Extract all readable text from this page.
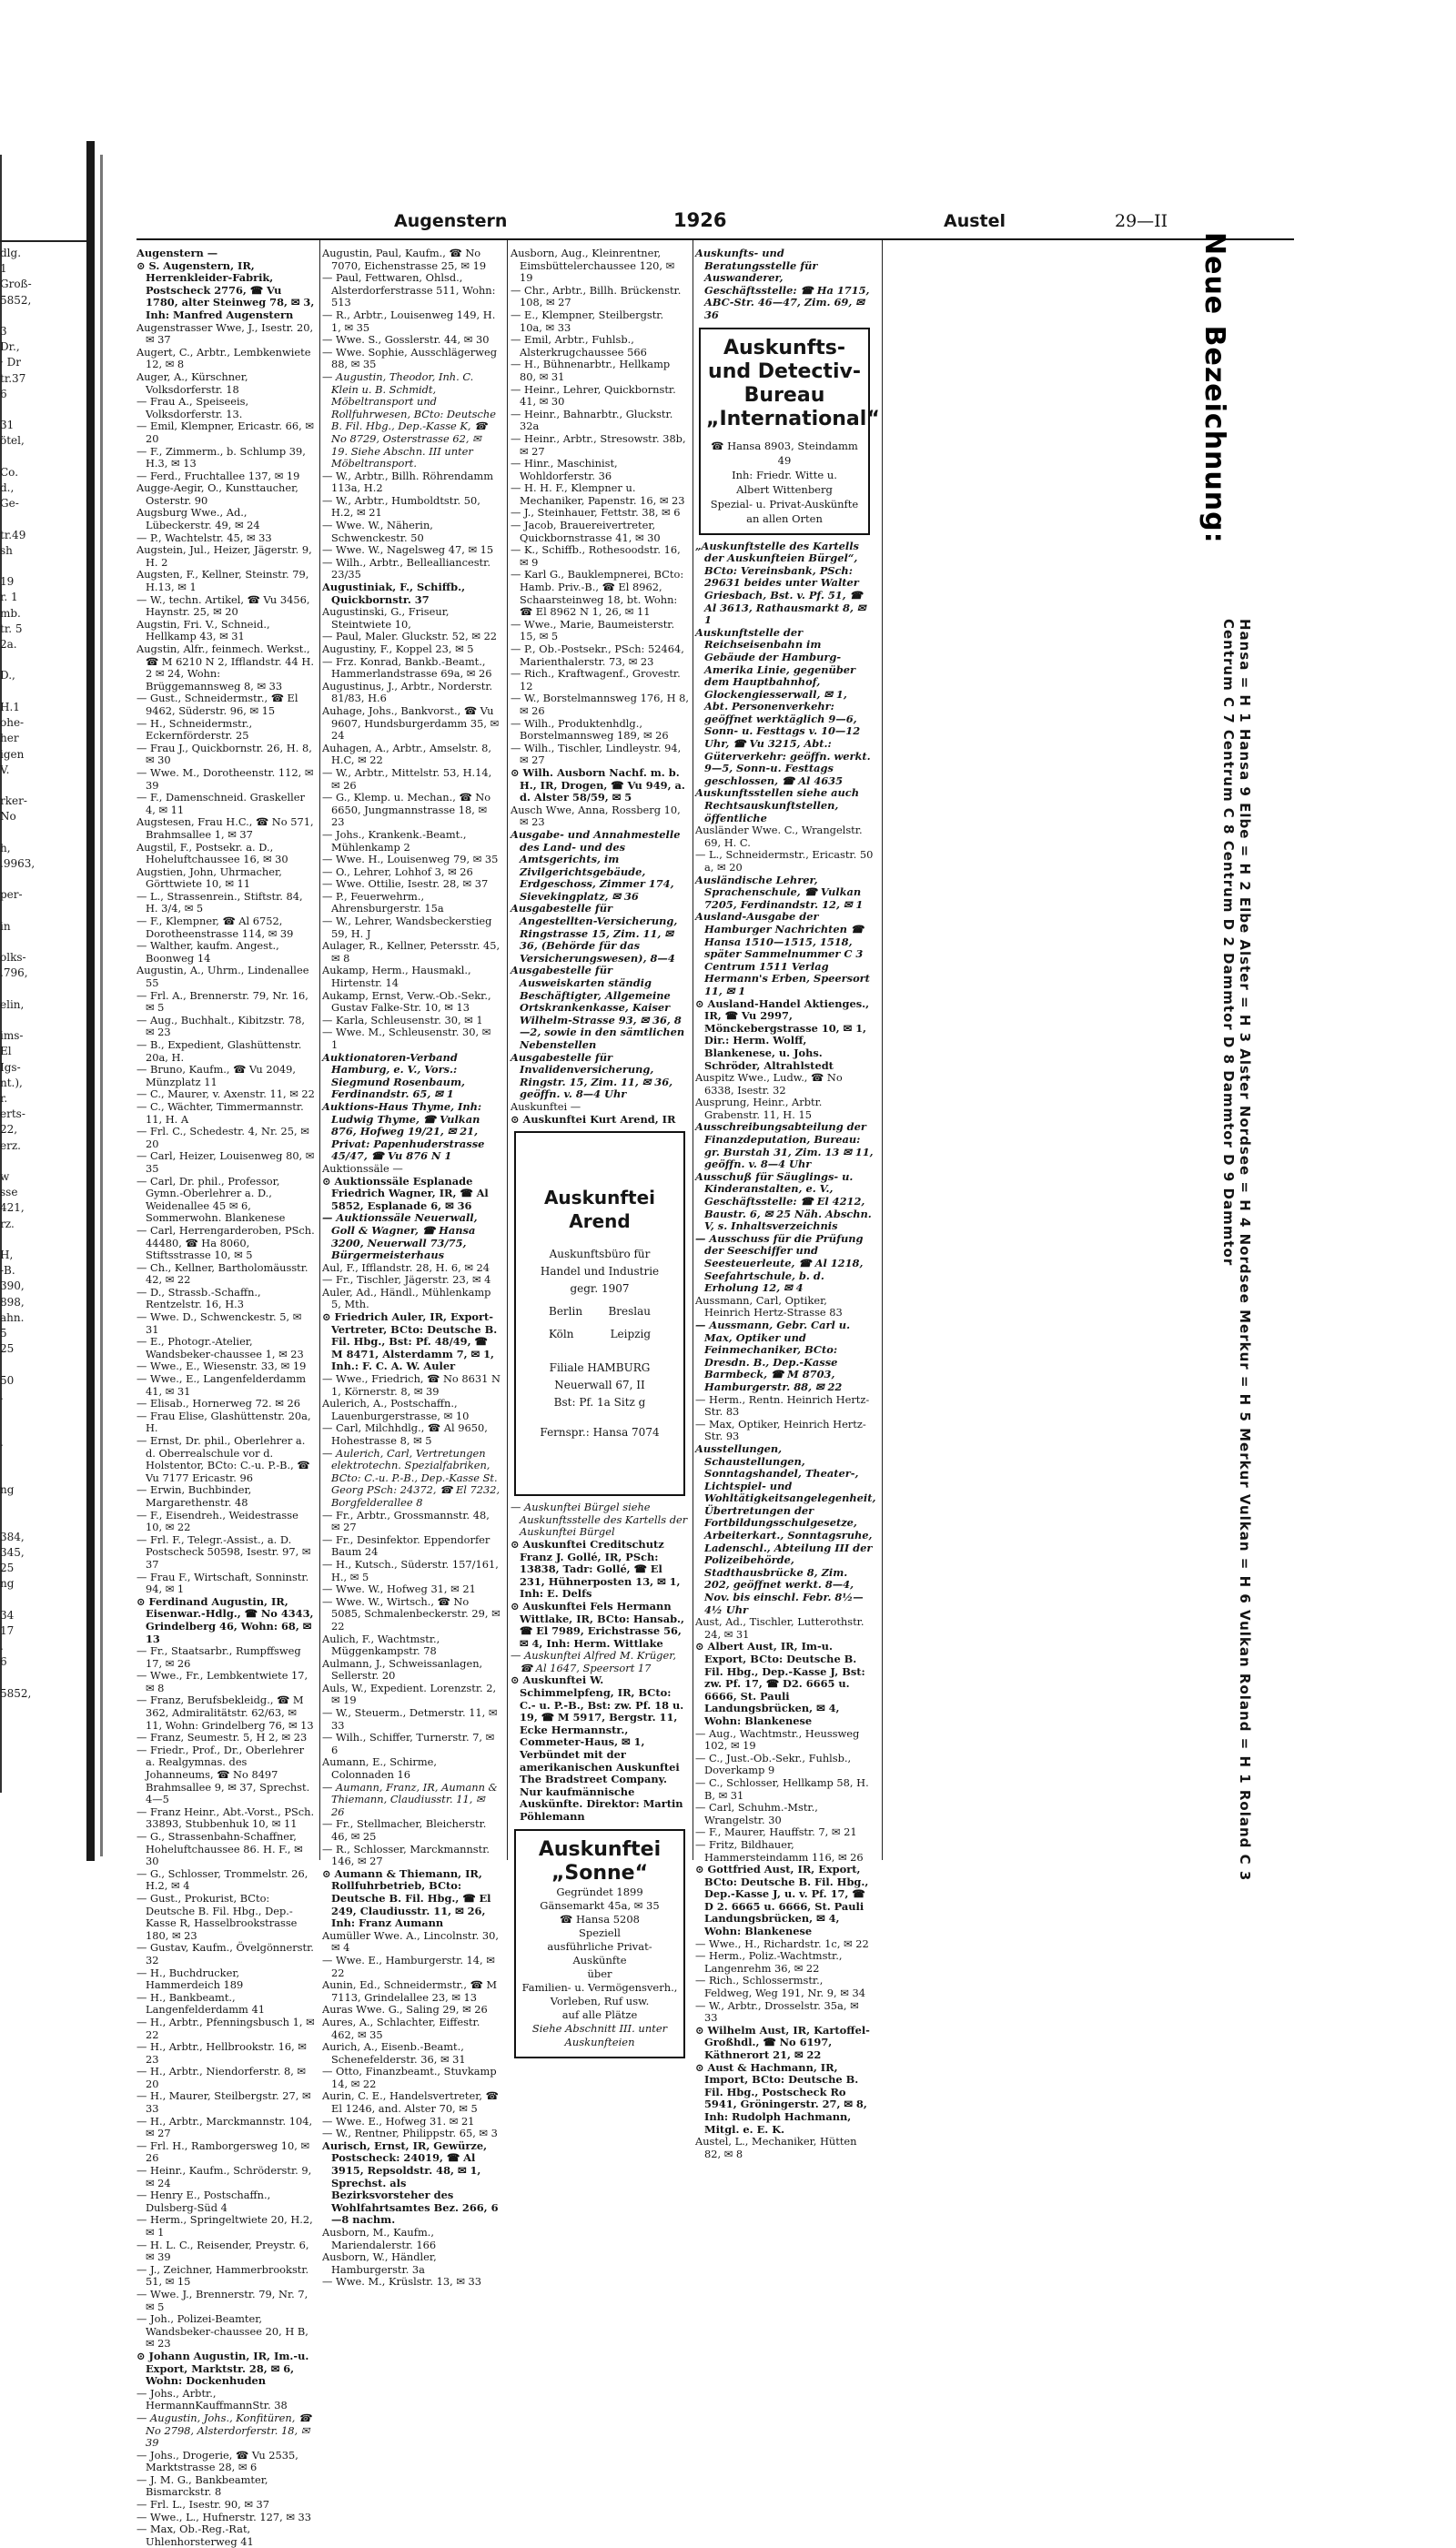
dlg.
1
Groß-
5852,

3
Dr.,
· Dr
tr.37
6

31
ötel,

Co.
d.,
Ge-

tr.49
sh

19
r. 1
mb.
tr. 5
2a.

D.,

H.1
ohe-
her
igen
V.

rker-
No

h,
.9963,

per-

in

olks-
.796,

elin,

ims-
El
Igs-
nt.),
r.
erts-
22,
erz.

w
sse
421,
rz.

H,
-B.
390,
898,
ahn.
5
25

50
.

.

ng

384,
345,
25
ng

34
17
.
6

5852,
Augenstern	1926	Austel	29—II

Augenstern —

⊙ S. Augenstern, IR, Herrenkleider-Fabrik, Postscheck 2776, ☎ Vu 1780, alter Steinweg 78, ✉ 3, Inh: Manfred Augenstern

Augenstrasser Wwe, J., Isestr. 20, ✉ 37

Augert, C., Arbtr., Lembkenwiete 12, ✉ 8

Auger, A., Kürschner, Volksdorferstr. 18

— Frau A., Speiseeis, Volksdorferstr. 13.

— Emil, Klempner, Ericastr. 66, ✉ 20

— F., Zimmerm., b. Schlump 39, H.3, ✉ 13

— Ferd., Fruchtallee 137, ✉ 19

Augge-Aegir, O., Kunsttaucher, Osterstr. 90

Augsburg Wwe., Ad., Lübeckerstr. 49, ✉ 24

— P., Wachtelstr. 45, ✉ 33

Augstein, Jul., Heizer, Jägerstr. 9, H. 2

Augsten, F., Kellner, Steinstr. 79, H.13, ✉ 1

— W., techn. Artikel, ☎ Vu 3456, Haynstr. 25, ✉ 20

Augstin, Fri. V., Schneid., Hellkamp 43, ✉ 31

Augstin, Alfr., feinmech. Werkst., ☎ M 6210 N 2, Ifflandstr. 44 H. 2 ✉ 24, Wohn: Brüggemannsweg 8, ✉ 33

— Gust., Schneidermstr., ☎ El 9462, Süderstr. 96, ✉ 15

— H., Schneidermstr., Eckernförderstr. 25

— Frau J., Quickbornstr. 26, H. 8, ✉ 30

— Wwe. M., Dorotheenstr. 112, ✉ 39

— F., Damenschneid. Graskeller 4, ✉ 11

Augstesen, Frau H.C., ☎ No 571, Brahmsallee 1, ✉ 37

Augstil, F., Postsekr. a. D., Hoheluftchaussee 16, ✉ 30

Augstien, John, Uhrmacher, Görttwiete 10, ✉ 11

— L., Strassenrein., Stiftstr. 84, H. 3/4, ✉ 5

— F., Klempner, ☎ Al 6752, Dorotheenstrasse 114, ✉ 39

— Walther, kaufm. Angest., Boonweg 14

Augustin, A., Uhrm., Lindenallee 55

— Frl. A., Brennerstr. 79, Nr. 16, ✉ 5

— Aug., Buchhalt., Kibitzstr. 78, ✉ 23

— B., Expedient, Glashüttenstr. 20a, H.

— Bruno, Kaufm., ☎ Vu 2049, Münzplatz 11

— C., Maurer, v. Axenstr. 11, ✉ 22

— C., Wächter, Timmermannstr. 11, H. A

— Frl. C., Schedestr. 4, Nr. 25, ✉ 20

— Carl, Heizer, Louisenweg 80, ✉ 35

— Carl, Dr. phil., Professor, Gymn.-Oberlehrer a. D., Weidenallee 45 ✉ 6, Sommerwohn. Blankenese

— Carl, Herrengarderoben, PSch. 44480, ☎ Ha 8060, Stiftsstrasse 10, ✉ 5

— Ch., Kellner, Bartholomäusstr. 42, ✉ 22

— D., Strassb.-Schaffn., Rentzelstr. 16, H.3

— Wwe. D., Schwenckestr. 5, ✉ 31

— E., Photogr.-Atelier, Wandsbeker-chaussee 1, ✉ 23

— Wwe., E., Wiesenstr. 33, ✉ 19

— Wwe., E., Langenfelderdamm 41, ✉ 31

— Elisab., Hornerweg 72. ✉ 26

— Frau Elise, Glashüttenstr. 20a, H.

— Ernst, Dr. phil., Oberlehrer a. d. Oberrealschule vor d. Holstentor, BCto: C.-u. P.-B., ☎ Vu 7177 Ericastr. 96

— Erwin, Buchbinder, Margarethenstr. 48

— F., Eisendreh., Weidestrasse 10, ✉ 22

— Frl. F., Telegr.-Assist., a. D. Postscheck 50598, Isestr. 97, ✉ 37

— Frau F., Wirtschaft, Sonninstr. 94, ✉ 1

⊙ Ferdinand Augustin, IR, Eisenwar.-Hdlg., ☎ No 4343, Grindelberg 46, Wohn: 68, ✉ 13

— Fr., Staatsarbr., Rumpffsweg 17, ✉ 26

— Wwe., Fr., Lembkentwiete 17, ✉ 8

— Franz, Berufsbekleidg., ☎ M 362, Admiralitätstr. 62/63, ✉ 11, Wohn: Grindelberg 76, ✉ 13

— Franz, Seumestr. 5, H 2, ✉ 23

— Friedr., Prof., Dr., Oberlehrer a. Realgymnas. des Johanneums, ☎ No 8497 Brahmsallee 9, ✉ 37, Sprechst. 4—5

— Franz Heinr., Abt.-Vorst., PSch. 33893, Stubbenhuk 10, ✉ 11

— G., Strassenbahn-Schaffner, Hoheluftchaussee 86. H. F., ✉ 30

— G., Schlosser, Trommelstr. 26, H.2, ✉ 4

— Gust., Prokurist, BCto: Deutsche B. Fil. Hbg., Dep.-Kasse R, Hasselbrookstrasse 180, ✉ 23

— Gustav, Kaufm., Övelgönnerstr. 32

— H., Buchdrucker, Hammerdeich 189

— H., Bankbeamt., Langenfelderdamm 41

— H., Arbtr., Pfenningsbusch 1, ✉ 22

— H., Arbtr., Hellbrookstr. 16, ✉ 23

— H., Arbtr., Niendorferstr. 8, ✉ 20

— H., Maurer, Steilbergstr. 27, ✉ 33

— H., Arbtr., Marckmannstr. 104, ✉ 27

— Frl. H., Ramborgersweg 10, ✉ 26

— Heinr., Kaufm., Schröderstr. 9, ✉ 24

— Henry E., Postschaffn., Dulsberg-Süd 4

— Herm., Springeltwiete 20, H.2, ✉ 1

— H. L. C., Reisender, Preystr. 6, ✉ 39

— J., Zeichner, Hammerbrookstr. 51, ✉ 15

— Wwe. J., Brennerstr. 79, Nr. 7, ✉ 5

— Joh., Polizei-Beamter, Wandsbeker-chaussee 20, H B, ✉ 23

⊙ Johann Augustin, IR, Im.-u. Export, Marktstr. 28, ✉ 6, Wohn: Dockenhuden

— Johs., Arbtr., HermannKauffmannStr. 38

— Augustin, Johs., Konfitüren, ☎ No 2798, Alsterdorferstr. 18, ✉ 39

— Johs., Drogerie, ☎ Vu 2535, Marktstrasse 28, ✉ 6

— J. M. G., Bankbeamter, Bismarckstr. 8

— Frl. L., Isestr. 90, ✉ 37

— Wwe., L., Hufnerstr. 127, ✉ 33

— Max, Ob.-Reg.-Rat, Uhlenhorsterweg 41

Augustin, Paul, Kaufm., ☎ No 7070, Eichenstrasse 25, ✉ 19

— Paul, Fettwaren, Ohlsd., Alsterdorferstrasse 511, Wohn: 513

— R., Arbtr., Louisenweg 149, H. 1, ✉ 35

— Wwe. S., Gosslerstr. 44, ✉ 30

— Wwe. Sophie, Ausschlägerweg 88, ✉ 35

— Augustin, Theodor, Inh. C. Klein u. B. Schmidt, Möbeltransport und Rollfuhrwesen, BCto: Deutsche B. Fil. Hbg., Dep.-Kasse K, ☎ No 8729, Osterstrasse 62, ✉ 19. Siehe Abschn. III unter Möbeltransport.

— W., Arbtr., Billh. Röhrendamm 113a, H.2

— W., Arbtr., Humboldtstr. 50, H.2, ✉ 21

— Wwe. W., Näherin, Schwenckestr. 50

— Wwe. W., Nagelsweg 47, ✉ 15

— Wilh., Arbtr., Bellealliancestr. 23/35

Augustiniak, F., Schiffb., Quickbornstr. 37

Augustinski, G., Friseur, Steintwiete 10,

— Paul, Maler. Gluckstr. 52, ✉ 22

Augustiny, F., Koppel 23, ✉ 5

— Frz. Konrad, Bankb.-Beamt., Hammerlandstrasse 69a, ✉ 26

Augustinus, J., Arbtr., Norderstr. 81/83, H.6

Auhage, Johs., Bankvorst., ☎ Vu 9607, Hundsburgerdamm 35, ✉ 24

Auhagen, A., Arbtr., Amselstr. 8, H.C, ✉ 22

— W., Arbtr., Mittelstr. 53, H.14, ✉ 26

— G., Klemp. u. Mechan., ☎ No 6650, Jungmannstrasse 18, ✉ 23

— Johs., Krankenk.-Beamt., Mühlenkamp 2

— Wwe. H., Louisenweg 79, ✉ 35

— O., Lehrer, Lohhof 3, ✉ 26

— Wwe. Ottilie, Isestr. 28, ✉ 37

— P., Feuerwehrm., Ahrensburgerstr. 15a

— W., Lehrer, Wandsbeckerstieg 59, H. J

Aulager, R., Kellner, Petersstr. 45, ✉ 8

Aukamp, Herm., Hausmakl., Hirtenstr. 14

Aukamp, Ernst, Verw.-Ob.-Sekr., Gustav Falke-Str. 10, ✉ 13

— Karla, Schleusenstr. 30, ✉ 1

— Wwe. M., Schleusenstr. 30, ✉ 1

Auktionatoren-Verband Hamburg, e. V., Vors.: Siegmund Rosenbaum, Ferdinandstr. 65, ✉ 1

Auktions-Haus Thyme, Inh: Ludwig Thyme, ☎ Vulkan 876, Hofweg 19/21, ✉ 21, Privat: Papenhuderstrasse 45/47, ☎ Vu 876 N 1

Auktionssäle —

⊙ Auktionssäle Esplanade Friedrich Wagner, IR, ☎ Al 5852, Esplanade 6, ✉ 36

— Auktionssäle Neuerwall, Goll & Wagner, ☎ Hansa 3200, Neuerwall 73/75, Bürgermeisterhaus

Aul, F., Ifflandstr. 28, H. 6, ✉ 24

— Fr., Tischler, Jägerstr. 23, ✉ 4

Auler, Ad., Händl., Mühlenkamp 5, Mth.

⊙ Friedrich Auler, IR, Export-Vertreter, BCto: Deutsche B. Fil. Hbg., Bst: Pf. 48/49, ☎ M 8471, Alsterdamm 7, ✉ 1, Inh.: F. C. A. W. Auler

— Wwe., Friedrich, ☎ No 8631 N 1, Körnerstr. 8, ✉ 39

Aulerich, A., Postschaffn., Lauenburgerstrasse, ✉ 10

— Carl, Milchhdlg., ☎ Al 9650, Hohestrasse 8, ✉ 5

— Aulerich, Carl, Vertretungen elektrotechn. Spezialfabriken, BCto: C.-u. P.-B., Dep.-Kasse St. Georg PSch: 24372, ☎ El 7232, Borgfelderallee 8

— Fr., Arbtr., Grossmannstr. 48, ✉ 27

— Fr., Desinfektor. Eppendorfer Baum 24

— H., Kutsch., Süderstr. 157/161, H., ✉ 5

— Wwe. W., Hofweg 31, ✉ 21

— Wwe. W., Wirtsch., ☎ No 5085, Schmalenbeckerstr. 29, ✉ 22

Aulich, F., Wachtmstr., Müggenkampstr. 78

Aulmann, J., Schweissanlagen, Sellerstr. 20

Auls, W., Expedient. Lorenzstr. 2, ✉ 19

— W., Steuerm., Detmerstr. 11, ✉ 33

— Wilh., Schiffer, Turnerstr. 7, ✉ 6

Aumann, E., Schirme, Colonnaden 16

— Aumann, Franz, IR, Aumann & Thiemann, Claudiusstr. 11, ✉ 26

— Fr., Stellmacher, Bleicherstr. 46, ✉ 25

— R., Schlosser, Marckmannstr. 146, ✉ 27

⊙ Aumann & Thiemann, IR, Rollfuhrbetrieb, BCto: Deutsche B. Fil. Hbg., ☎ El 249, Claudiusstr. 11, ✉ 26, Inh: Franz Aumann

Aumüller Wwe. A., Lincolnstr. 30, ✉ 4

— Wwe. E., Hamburgerstr. 14, ✉ 22

Aunin, Ed., Schneidermstr., ☎ M 7113, Grindelallee 23, ✉ 13

Auras Wwe. G., Saling 29, ✉ 26

Aures, A., Schlachter, Eiffestr. 462, ✉ 35

Aurich, A., Eisenb.-Beamt., Schenefelderstr. 36, ✉ 31

— Otto, Finanzbeamt., Stuvkamp 14, ✉ 22

Aurin, C. E., Handelsvertreter, ☎ El 1246, and. Alster 70, ✉ 5

— Wwe. E., Hofweg 31. ✉ 21

— W., Rentner, Philippstr. 65, ✉ 3

Aurisch, Ernst, IR, Gewürze, Postscheck: 24019, ☎ Al 3915, Repsoldstr. 48, ✉ 1, Sprechst. als Bezirksvorsteher des Wohlfahrtsamtes Bez. 266, 6—8 nachm.

Ausborn, M., Kaufm., Mariendalerstr. 166

Ausborn, W., Händler, Hamburgerstr. 3a

— Wwe. M., Krüslstr. 13, ✉ 33

Ausborn, Aug., Kleinrentner, Eimsbüttelerchaussee 120, ✉ 19

— Chr., Arbtr., Billh. Brückenstr. 108, ✉ 27

— E., Klempner, Steilbergstr. 10a, ✉ 33

— Emil, Arbtr., Fuhlsb., Alsterkrugchaussee 566

— H., Bühnenarbtr., Hellkamp 80, ✉ 31

— Heinr., Lehrer, Quickbornstr. 41, ✉ 30

— Heinr., Bahnarbtr., Gluckstr. 32a

— Heinr., Arbtr., Stresowstr. 38b, ✉ 27

— Hinr., Maschinist, Wohldorferstr. 36

— H. H. F., Klempner u. Mechaniker, Papenstr. 16, ✉ 23

— J., Steinhauer, Fettstr. 38, ✉ 6

— Jacob, Brauereivertreter, Quickbornstrasse 41, ✉ 30

— K., Schiffb., Rothesoodstr. 16, ✉ 9

— Karl G., Bauklempnerei, BCto: Hamb. Priv.-B., ☎ El 8962, Schaarsteinweg 18, bt. Wohn: ☎ El 8962 N 1, 26, ✉ 11

— Wwe., Marie, Baumeisterstr. 15, ✉ 5

— P., Ob.-Postsekr., PSch: 52464, Marienthalerstr. 73, ✉ 23

— Rich., Kraftwagenf., Grovestr. 12

— W., Borstelmannsweg 176, H 8, ✉ 26

— Wilh., Produktenhdlg., Borstelmannsweg 189, ✉ 26

— Wilh., Tischler, Lindleystr. 94, ✉ 27

⊙ Wilh. Ausborn Nachf. m. b. H., IR, Drogen, ☎ Vu 949, a. d. Alster 58/59, ✉ 5

Ausch Wwe, Anna, Rossberg 10, ✉ 23

Ausgabe- und Annahmestelle des Land- und des Amtsgerichts, im Zivilgerichtsgebäude, Erdgeschoss, Zimmer 174, Sievekingplatz, ✉ 36

Ausgabestelle für Angestellten-Versicherung, Ringstrasse 15, Zim. 11, ✉ 36, (Behörde für das Versicherungswesen), 8—4

Ausgabestelle für Ausweiskarten ständig Beschäftigter, Allgemeine Ortskrankenkasse, Kaiser Wilhelm-Strasse 93, ✉ 36, 8—2, sowie in den sämtlichen Nebenstellen

Ausgabestelle für Invalidenversicherung, Ringstr. 15, Zim. 11, ✉ 36, geöffn. v. 8—4 Uhr

Auskunftei —

⊙ Auskunftei Kurt Arend, IR

Auskunftei Arend
Auskunftsbüro für
Handel und Industrie
gegr. 1907
Berlin Breslau
Köln	Leipzig
Filiale HAMBURG
Neuerwall 67, II
Bst: Pf. 1a Sitz g
Fernspr.: Hansa 7074

— Auskunftei Bürgel siehe Auskunftsstelle des Kartells der Auskunftei Bürgel

⊙ Auskunftei Creditschutz Franz J. Gollé, IR, PSch: 13838, Tadr: Gollé, ☎ El 231, Hühnerposten 13, ✉ 1, Inh: E. Delfs

⊙ Auskunftei Fels Hermann Wittlake, IR, BCto: Hansab., ☎ El 7989, Erichstrasse 56, ✉ 4, Inh: Herm. Wittlake

— Auskunftei Alfred M. Krüger, ☎ Al 1647, Speersort 17

⊙ Auskunftei W. Schimmelpfeng, IR, BCto: C.- u. P.-B., Bst: zw. Pf. 18 u. 19, ☎ M 5917, Bergstr. 11, Ecke Hermannstr., Commeter-Haus, ✉ 1, Verbündet mit der amerikanischen Auskunftei The Bradstreet Company. Nur kaufmännische Auskünfte. Direktor: Martin Pöhlemann

Auskunftei „Sonne“
Gegründet 1899
Gänsemarkt 45a, ✉ 35
☎ Hansa 5208
Speziell
ausführliche Privat-Auskünfte
über
Familien- u. Vermögensverh.,
Vorleben, Ruf usw.
auf alle Plätze
Siehe Abschnitt III. unter
Auskunfteien

Auskunfts- und Beratungsstelle für Auswanderer, Geschäftsstelle: ☎ Ha 1715, ABC-Str. 46—47, Zim. 69, ✉ 36

Auskunfts- und Detectiv-Bureau „International“
☎ Hansa 8903, Steindamm 49
Inh: Friedr. Witte u.
Albert Wittenberg
Spezial- u. Privat-Auskünfte
an allen Orten

„Auskunftstelle des Kartells der Auskunfteien Bürgel“, BCto: Vereinsbank, PSch: 29631 beides unter Walter Griesbach, Bst. v. Pf. 51, ☎ Al 3613, Rathausmarkt 8, ✉ 1

Auskunftstelle der Reichseisenbahn im Gebäude der Hamburg-Amerika Linie, gegenüber dem Hauptbahnhof, Glockengiesserwall, ✉ 1, Abt. Personenverkehr: geöffnet werktäglich 9—6, Sonn- u. Festtags v. 10—12 Uhr, ☎ Vu 3215, Abt.: Güterverkehr: geöffn. werkt. 9—5, Sonn-u. Festtags geschlossen, ☎ Al 4635

Auskunftsstellen siehe auch Rechtsauskunftstellen, öffentliche

Ausländer Wwe. C., Wrangelstr. 69, H. C.

— L., Schneidermstr., Ericastr. 50 a, ✉ 20

Ausländische Lehrer, Sprachenschule, ☎ Vulkan 7205, Ferdinandstr. 12, ✉ 1

Ausland-Ausgabe der Hamburger Nachrichten ☎ Hansa 1510—1515, 1518, später Sammelnummer C 3 Centrum 1511 Verlag Hermann's Erben, Speersort 11, ✉ 1

⊙ Ausland-Handel Aktienges., IR, ☎ Vu 2997, Mönckebergstrasse 10, ✉ 1, Dir.: Herm. Wolff, Blankenese, u. Johs. Schröder, Altrahlstedt

Auspitz Wwe., Ludw., ☎ No 6338, Isestr. 32

Ausprung, Heinr., Arbtr. Grabenstr. 11, H. 15

Ausschreibungsabteilung der Finanzdeputation, Bureau: gr. Burstah 31, Zim. 13 ✉ 11, geöffn. v. 8—4 Uhr

Ausschuß für Säuglings- u. Kinderanstalten, e. V., Geschäftsstelle: ☎ El 4212, Baustr. 6, ✉ 25 Näh. Abschn. V, s. Inhaltsverzeichnis

— Ausschuss für die Prüfung der Seeschiffer und Seesteuerleute, ☎ Al 1218, Seefahrtschule, b. d. Erholung 12, ✉ 4

Aussmann, Carl, Optiker, Heinrich Hertz-Strasse 83

— Aussmann, Gebr. Carl u. Max, Optiker und Feinmechaniker, BCto: Dresdn. B., Dep.-Kasse Barmbeck, ☎ M 8703, Hamburgerstr. 88, ✉ 22

— Herm., Rentn. Heinrich Hertz-Str. 83

— Max, Optiker, Heinrich Hertz-Str. 93

Ausstellungen, Schaustellungen, Sonntagshandel, Theater-, Lichtspiel- und Wohltätigkeitsangelegenheit, Übertretungen der Fortbildungsschulgesetze, Arbeiterkart., Sonntagsruhe, Ladenschl., Abteilung III der Polizeibehörde, Stadthausbrücke 8, Zim. 202, geöffnet werkt. 8—4, Nov. bis einschl. Febr. 8½—4½ Uhr

Aust, Ad., Tischler, Lutterothstr. 24, ✉ 31

⊙ Albert Aust, IR, Im-u. Export, BCto: Deutsche B. Fil. Hbg., Dep.-Kasse J, Bst: zw. Pf. 17, ☎ D2. 6665 u. 6666, St. Pauli Landungsbrücken, ✉ 4, Wohn: Blankenese

— Aug., Wachtmstr., Heussweg 102, ✉ 19

— C., Just.-Ob.-Sekr., Fuhlsb., Doverkamp 9

— C., Schlosser, Hellkamp 58, H. B, ✉ 31

— Carl, Schuhm.-Mstr., Wrangelstr. 30

— F., Maurer, Hauffstr. 7, ✉ 21

— Fritz, Bildhauer, Hammersteindamm 116, ✉ 26

⊙ Gottfried Aust, IR, Export, BCto: Deutsche B. Fil. Hbg., Dep.-Kasse J, u. v. Pf. 17, ☎ D 2. 6665 u. 6666, St. Pauli Landungsbrücken, ✉ 4, Wohn: Blankenese

— Wwe., H., Richardstr. 1c, ✉ 22

— Herm., Poliz.-Wachtmstr., Langenrehm 36, ✉ 22

— Rich., Schlossermstr., Feldweg, Weg 191, Nr. 9, ✉ 34

— W., Arbtr., Drosselstr. 35a, ✉ 33

⊙ Wilhelm Aust, IR, Kartoffel-Großhdl., ☎ No 6197, Käthnerort 21, ✉ 22

⊙ Aust & Hachmann, IR, Import, BCto: Deutsche B. Fil. Hbg., Postscheck Ro 5941, Gröningerstr. 27, ✉ 8, Inh: Rudolph Hachmann, Mitgl. e. E. K.

Austel, L., Mechaniker, Hütten 82, ✉ 8

Neue Bezeichnung:
Hansa = H 1 Hansa 9 Elbe = H 2 Elbe Alster = H 3 Alster Nordsee = H 4 Nordsee Merkur = H 5 Merkur Vulkan = H 6 Vulkan Roland = H 1 Roland C 3 Centrum C 7 Centrum C 8 Centrum D 2 Dammtor D 8 Dammtor D 9 Dammtor
